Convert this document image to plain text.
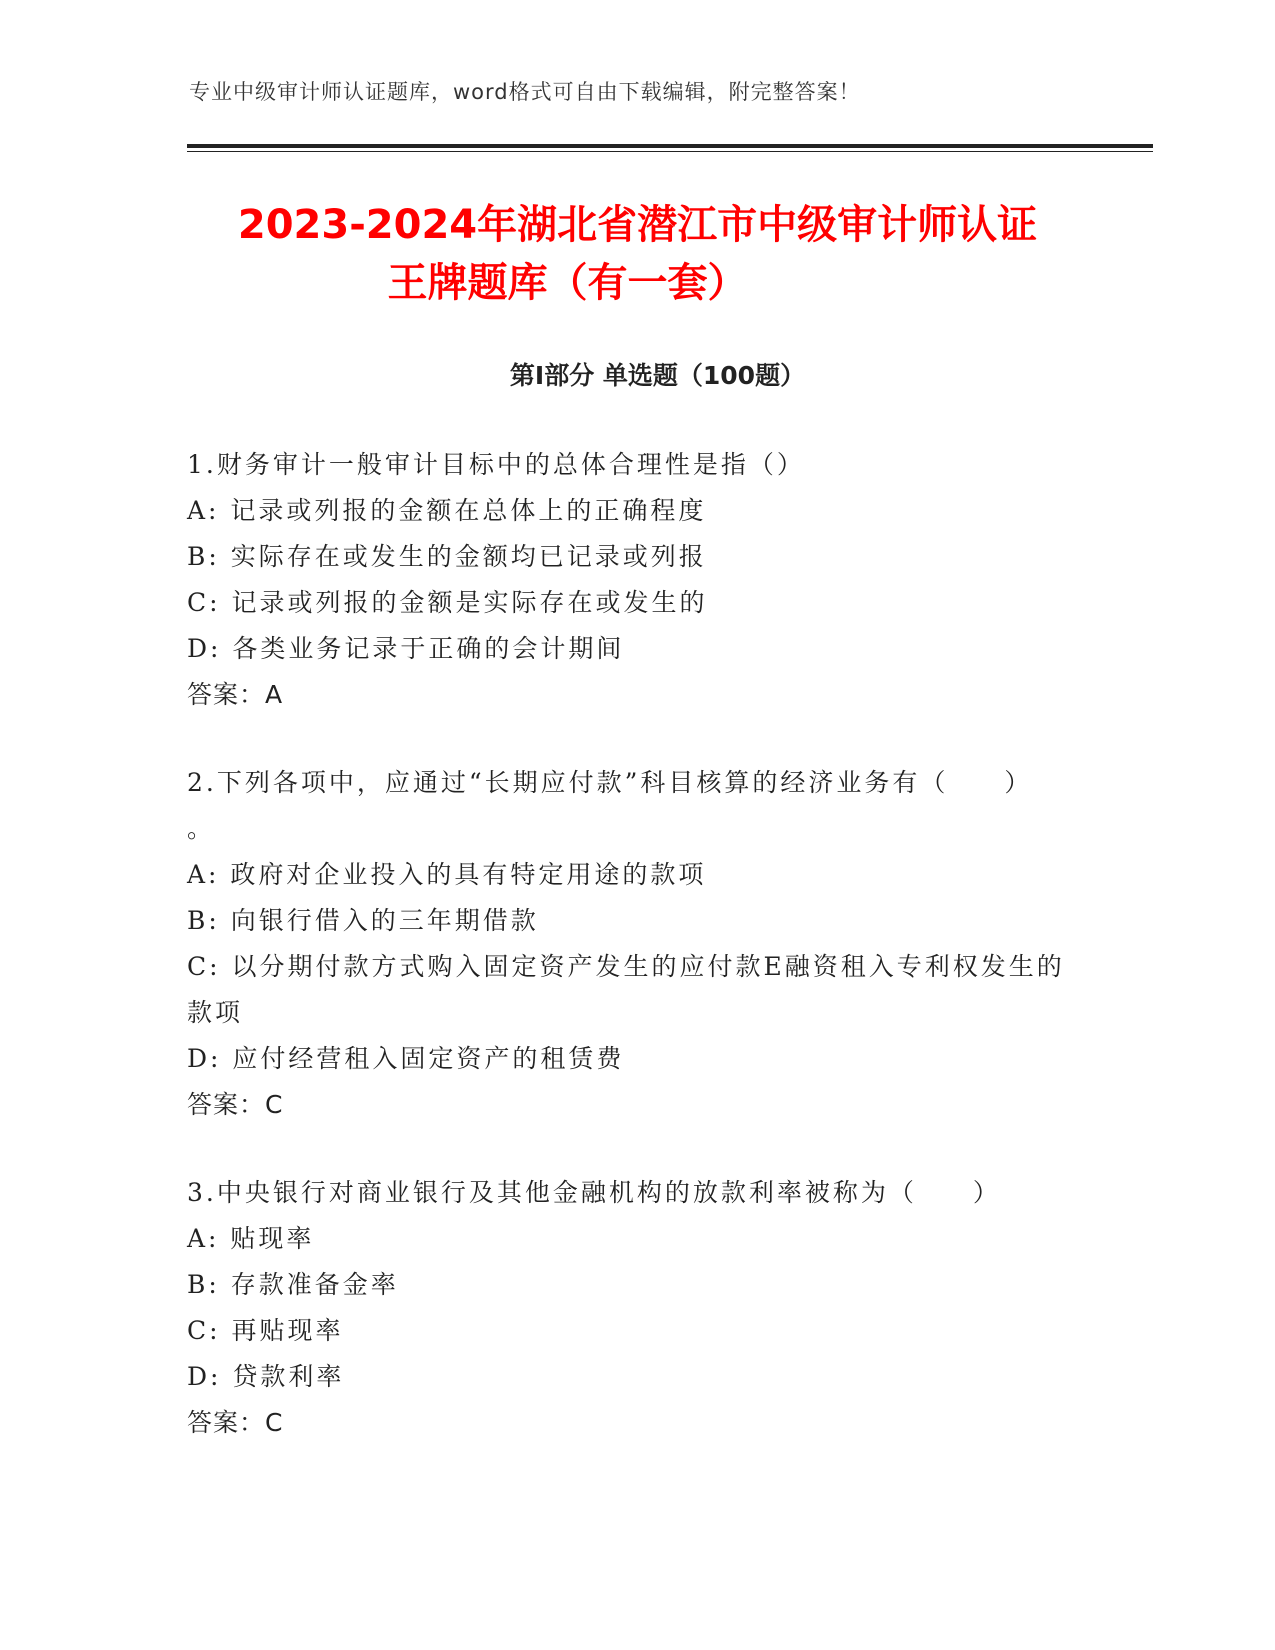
专业中级审计师认证题库，word格式可自由下载编辑，附完整答案！
2023-2024年湖北省潜江市中级审计师认证
王牌题库（有一套）
第Ⅰ部分 单选题（100题）
1.财务审计一般审计目标中的总体合理性是指（）
A: 记录或列报的金额在总体上的正确程度
B: 实际存在或发生的金额均已记录或列报
C: 记录或列报的金额是实际存在或发生的
D: 各类业务记录于正确的会计期间
答案：A
2.下列各项中，应通过“长期应付款”科目核算的经济业务有（　　）
。
A: 政府对企业投入的具有特定用途的款项
B: 向银行借入的三年期借款
C: 以分期付款方式购入固定资产发生的应付款E融资租入专利权发生的款项
D: 应付经营租入固定资产的租赁费
答案：C
3.中央银行对商业银行及其他金融机构的放款利率被称为（　　）
A: 贴现率
B: 存款准备金率
C: 再贴现率
D: 贷款利率
答案：C
